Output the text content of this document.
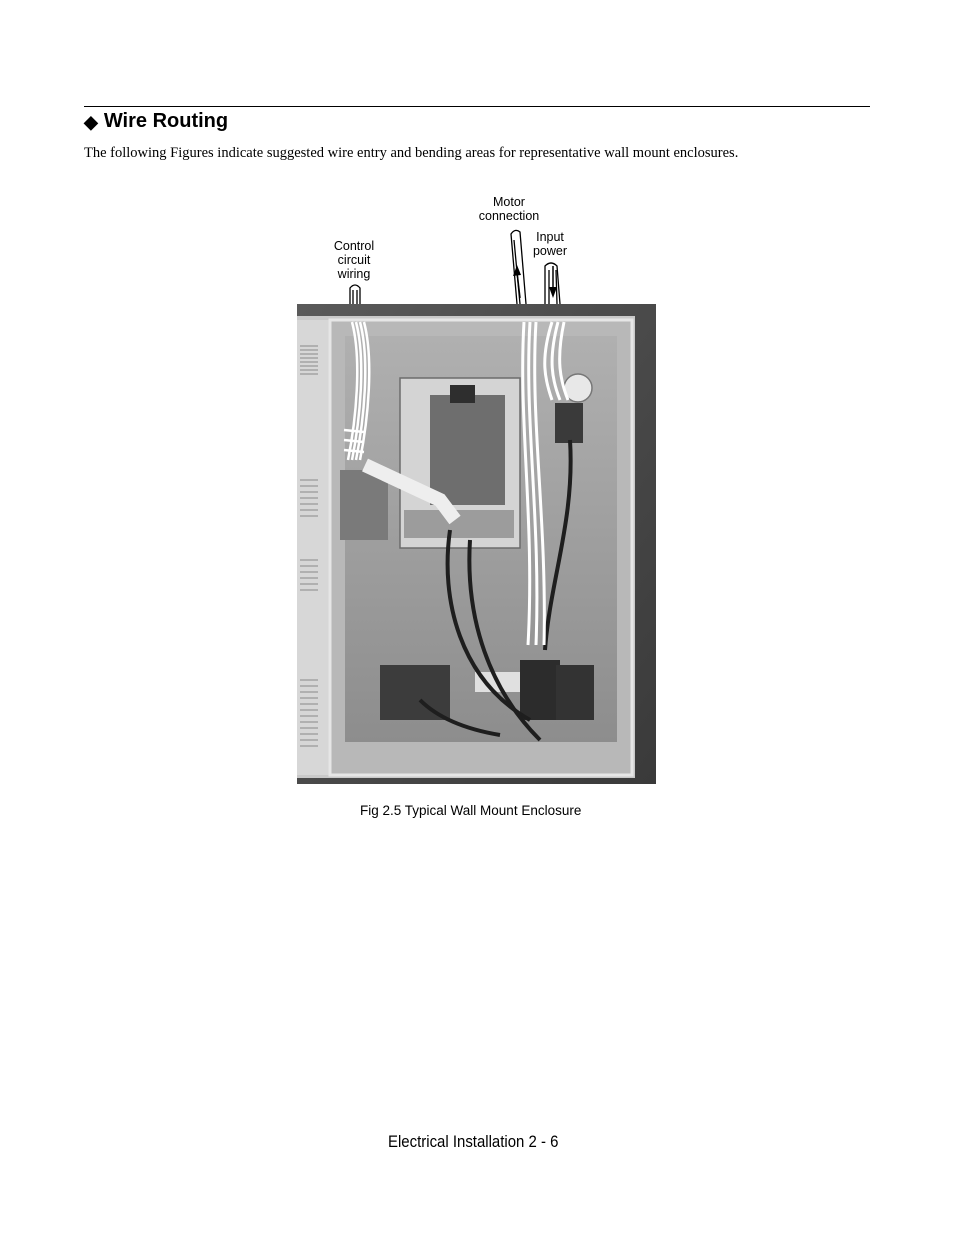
◆ Wire Routing
The following Figures indicate suggested wire entry and bending areas for representative wall mount enclosures.
Motor
connection
Input
power
Control
circuit
wiring
Fig 2.5 Typical Wall Mount Enclosure
Electrical Installation 2 - 6
